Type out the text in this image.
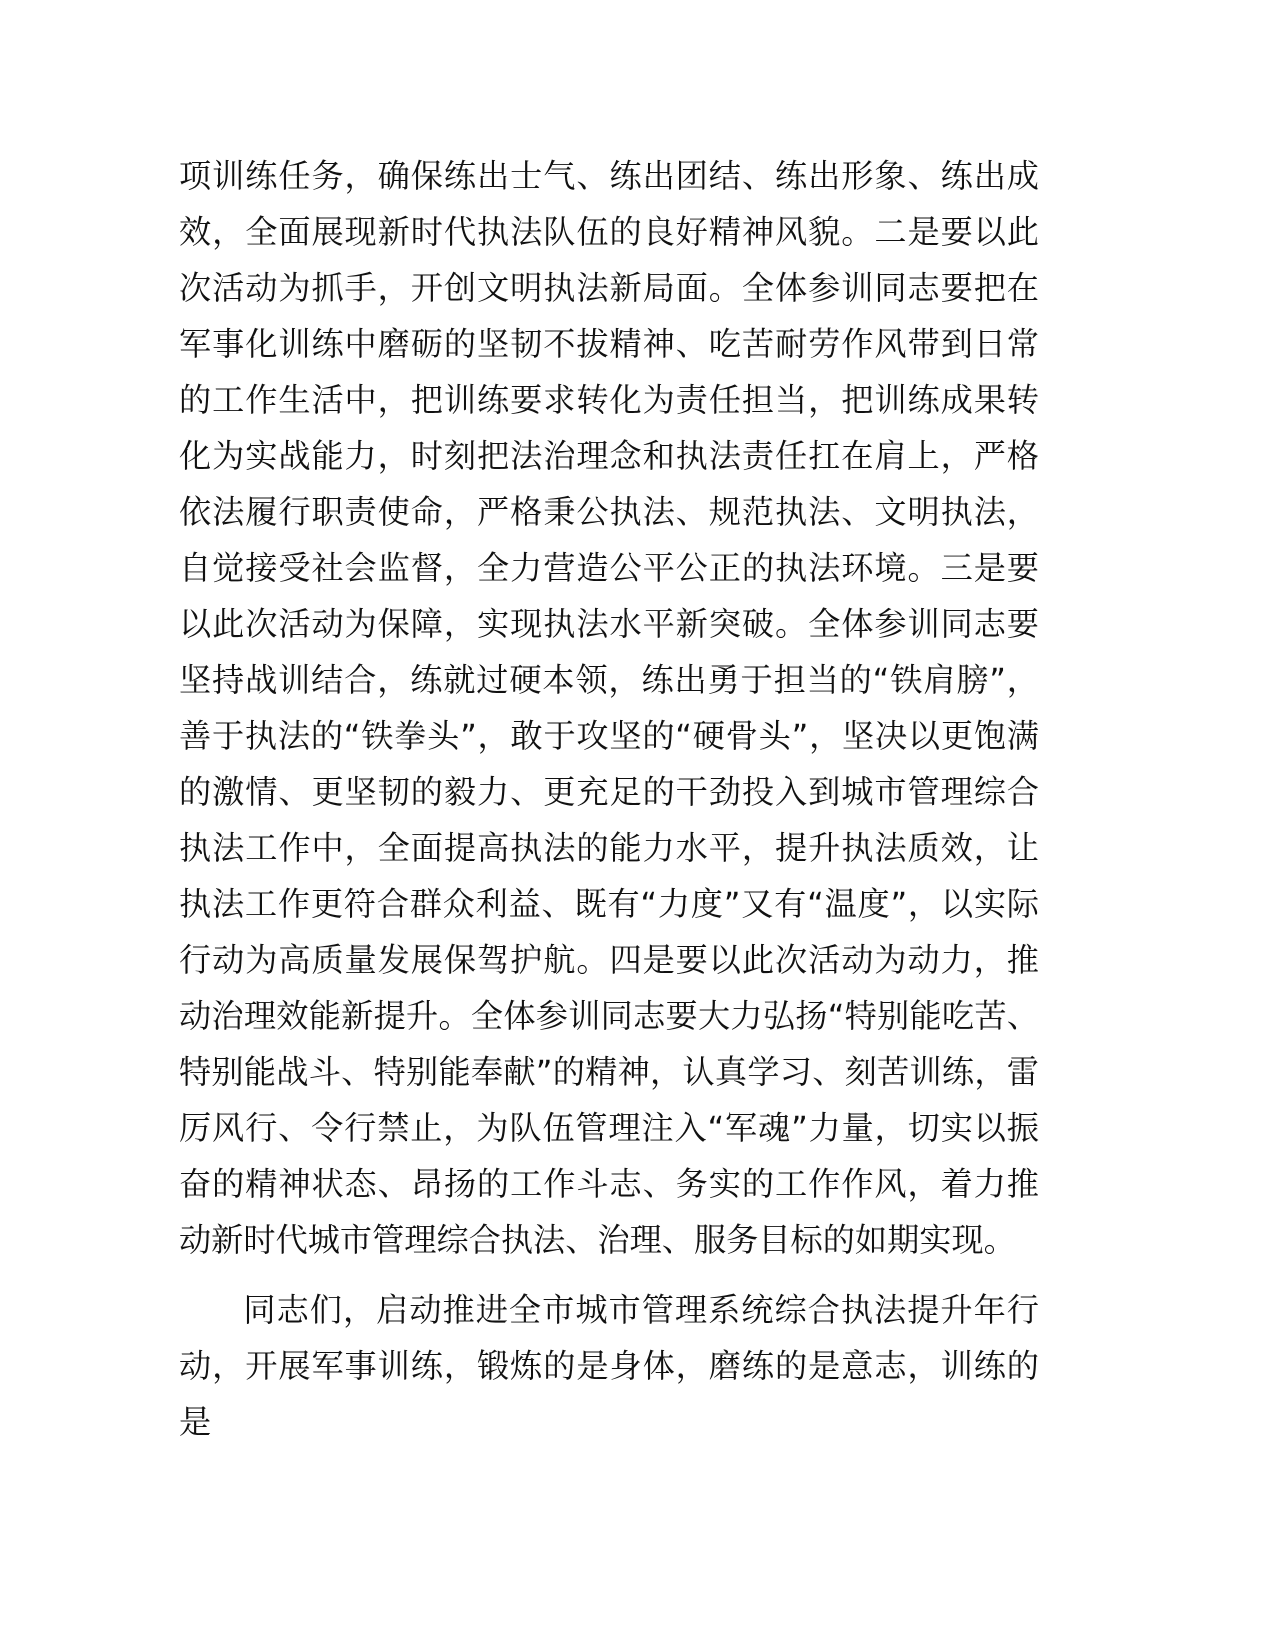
项训练任务，确保练出士气、练出团结、练出形象、练出成效，全面展现新时代执法队伍的良好精神风貌。二是要以此次活动为抓手，开创文明执法新局面。全体参训同志要把在军事化训练中磨砺的坚韧不拔精神、吃苦耐劳作风带到日常的工作生活中，把训练要求转化为责任担当，把训练成果转化为实战能力，时刻把法治理念和执法责任扛在肩上，严格依法履行职责使命，严格秉公执法、规范执法、文明执法，自觉接受社会监督，全力营造公平公正的执法环境。三是要以此次活动为保障，实现执法水平新突破。全体参训同志要坚持战训结合，练就过硬本领，练出勇于担当的“铁肩膀”，善于执法的“铁拳头”，敢于攻坚的“硬骨头”，坚决以更饱满的激情、更坚韧的毅力、更充足的干劲投入到城市管理综合执法工作中，全面提高执法的能力水平，提升执法质效，让执法工作更符合群众利益、既有“力度”又有“温度”，以实际行动为高质量发展保驾护航。四是要以此次活动为动力，推动治理效能新提升。全体参训同志要大力弘扬“特别能吃苦、特别能战斗、特别能奉献”的精神，认真学习、刻苦训练，雷厉风行、令行禁止，为队伍管理注入“军魂”力量，切实以振奋的精神状态、昂扬的工作斗志、务实的工作作风，着力推动新时代城市管理综合执法、治理、服务目标的如期实现。

同志们，启动推进全市城市管理系统综合执法提升年行动，开展军事训练，锻炼的是身体，磨练的是意志，训练的是
